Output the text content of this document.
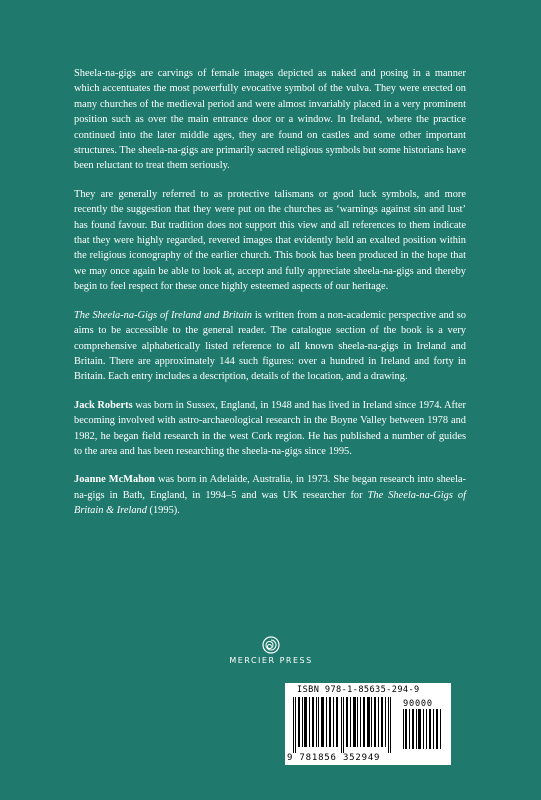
Sheela-na-gigs are carvings of female images depicted as naked and posing in a manner which accentuates the most powerfully evocative symbol of the vulva. They were erected on many churches of the medieval period and were almost invariably placed in a very prominent position such as over the main entrance door or a window. In Ireland, where the practice continued into the later middle ages, they are found on castles and some other important structures. The sheela-na-gigs are primarily sacred religious symbols but some historians have been reluctant to treat them seriously.

They are generally referred to as protective talismans or good luck symbols, and more recently the suggestion that they were put on the churches as ‘warnings against sin and lust’ has found favour. But tradition does not support this view and all references to them indicate that they were highly regarded, revered images that evidently held an exalted position within the religious iconography of the earlier church. This book has been produced in the hope that we may once again be able to look at, accept and fully appreciate sheela-na-gigs and thereby begin to feel respect for these once highly esteemed aspects of our heritage.

The Sheela-na-Gigs of Ireland and Britain is written from a non-academic perspective and so aims to be accessible to the general reader. The catalogue section of the book is a very comprehensive alphabetically listed reference to all known sheela-na-gigs in Ireland and Britain. There are approximately 144 such figures: over a hundred in Ireland and forty in Britain. Each entry includes a description, details of the location, and a drawing.

Jack Roberts was born in Sussex, England, in 1948 and has lived in Ireland since 1974. After becoming involved with astro-archaeological research in the Boyne Valley between 1978 and 1982, he began field research in the west Cork region. He has published a number of guides to the area and has been researching the sheela-na-gigs since 1995.

Joanne McMahon was born in Adelaide, Australia, in 1973. She began research into sheela-na-gigs in Bath, England, in 1994–5 and was UK researcher for The Sheela-na-Gigs of Britain & Ireland (1995).

MERCIER PRESS
ISBN 978-1-85635-294-9
90000
9 781856 352949
